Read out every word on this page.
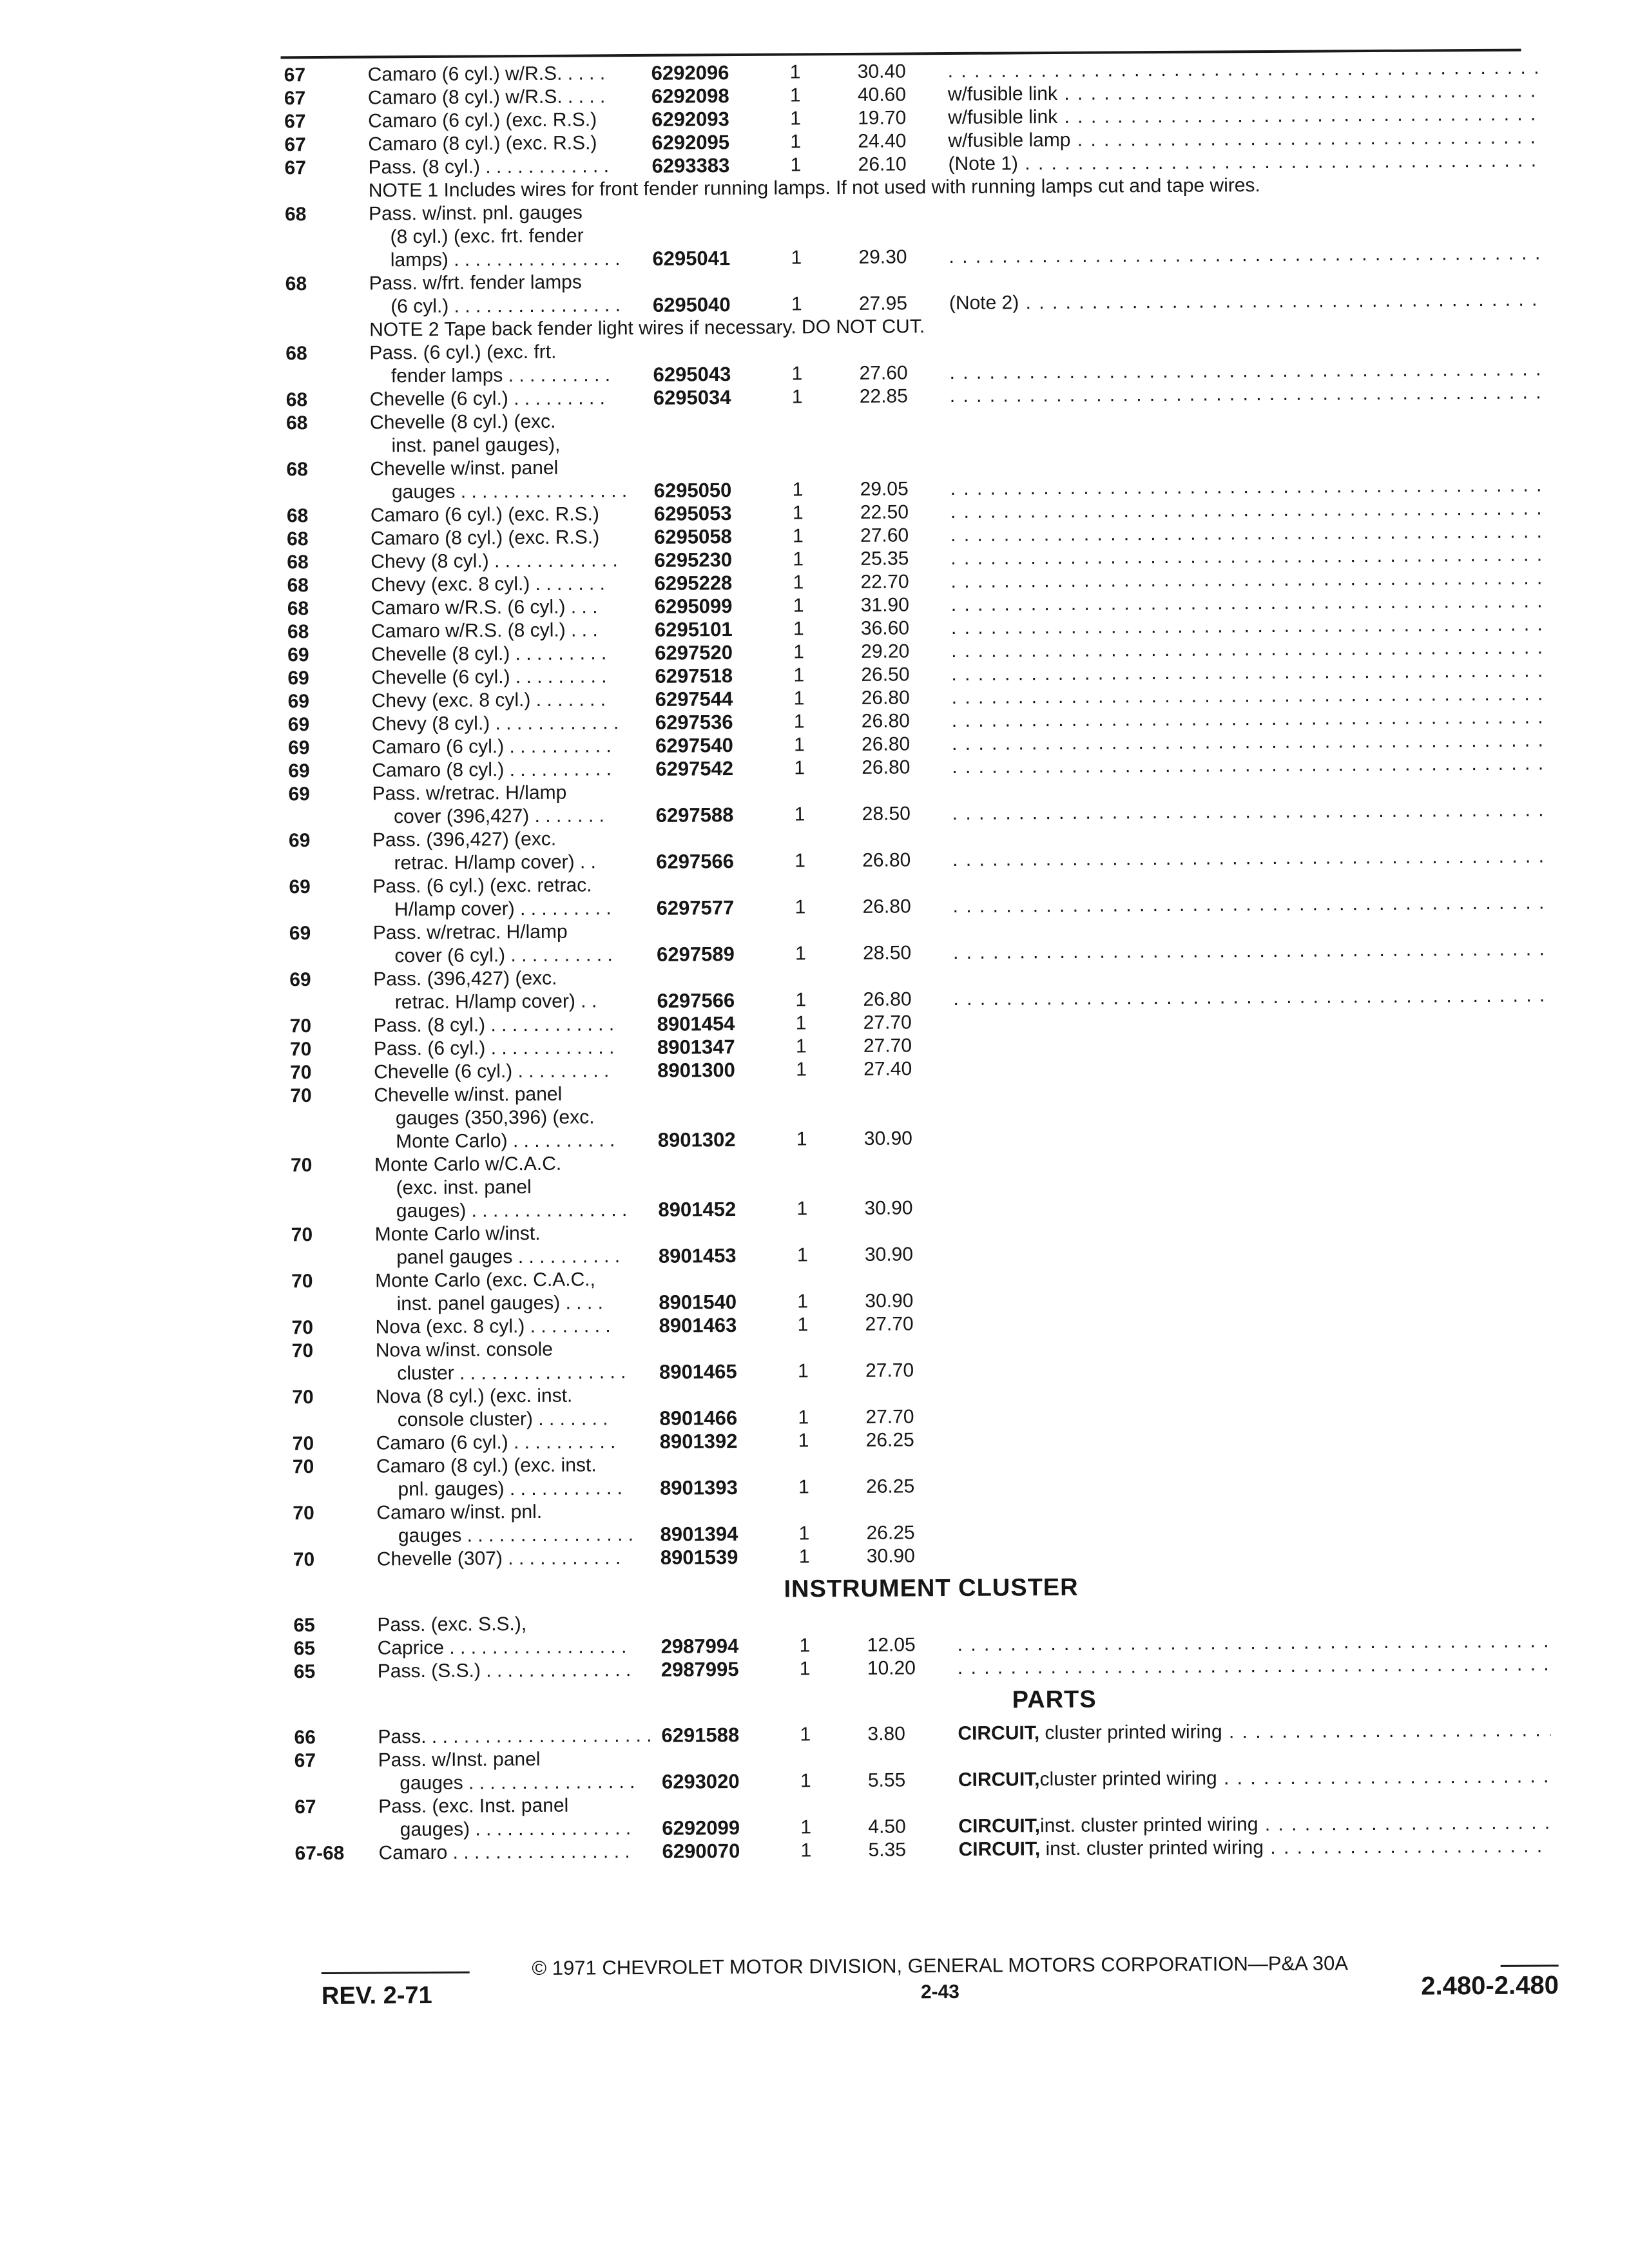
67	Camaro (6 cyl.) w/R.S. . . . .	6292096	1	30.40
. . .
67	Camaro (8 cyl.) w/R.S. . . . .	6292098	1	40.60 w/fusible link . . .
67	Camaro (6 cyl.) (exc. R.S.)	6292093	1	19.70 w/fusible link . . .
67	Camaro (8 cyl.) (exc. R.S.)	6292095	1	24.40 w/fusible lamp . . .
67	Pass. (8 cyl.) . . . . . . . . . . . .	6293383	1	26.10 (Note 1) . . .
NOTE 1 Includes wires for front fender running lamps. If not used with running lamps cut and tape wires.
68	Pass. w/inst. pnl. gauges
(8 cyl.) (exc. frt. fender
lamps) . . . . . . . . . . . . . . . .	6295041	1	29.30
. . .
68	Pass. w/frt. fender lamps
(6 cyl.) . . . . . . . . . . . . . . . .	6295040	1	27.95 (Note 2) . . .
NOTE 2 Tape back fender light wires if necessary. DO NOT CUT.
68	Pass. (6 cyl.) (exc. frt.
fender lamps . . . . . . . . . .	6295043	1	27.60
. . .
68	Chevelle (6 cyl.) . . . . . . . . .	6295034	1	22.85
. . .
68	Chevelle (8 cyl.) (exc.
inst. panel gauges),
68	Chevelle w/inst. panel
gauges . . . . . . . . . . . . . . . .	6295050	1	29.05
. . .
68	Camaro (6 cyl.) (exc. R.S.)	6295053	1	22.50
. . .
68	Camaro (8 cyl.) (exc. R.S.)	6295058	1	27.60
. . .
68	Chevy (8 cyl.) . . . . . . . . . . . .	6295230	1	25.35
. . .
68	Chevy (exc. 8 cyl.) . . . . . . .	6295228	1	22.70
. . .
68	Camaro w/R.S. (6 cyl.) . . .	6295099	1	31.90
. . .
68	Camaro w/R.S. (8 cyl.) . . .	6295101	1	36.60
. . .
69	Chevelle (8 cyl.) . . . . . . . . .	6297520	1	29.20
. . .
69	Chevelle (6 cyl.) . . . . . . . . .	6297518	1	26.50
. . .
69	Chevy (exc. 8 cyl.) . . . . . . .	6297544	1	26.80
. . .
69	Chevy (8 cyl.) . . . . . . . . . . . .	6297536	1	26.80
. . .
69	Camaro (6 cyl.) . . . . . . . . . .	6297540	1	26.80
. . .
69	Camaro (8 cyl.) . . . . . . . . . .	6297542	1	26.80
. . .
69	Pass. w/retrac. H/lamp
cover (396,427) . . . . . . .	6297588	1	28.50
. . .
69	Pass. (396,427) (exc.
retrac. H/lamp cover) . .	6297566	1	26.80
. . .
69	Pass. (6 cyl.) (exc. retrac.
H/lamp cover) . . . . . . . . .	6297577	1	26.80
. . .
69	Pass. w/retrac. H/lamp
cover (6 cyl.) . . . . . . . . . .	6297589	1	28.50
. . .
69	Pass. (396,427) (exc.
retrac. H/lamp cover) . .	6297566	1	26.80
. . .
70	Pass. (8 cyl.) . . . . . . . . . . . .	8901454	1	27.70
70	Pass. (6 cyl.) . . . . . . . . . . . .	8901347	1	27.70
70	Chevelle (6 cyl.) . . . . . . . . .	8901300	1	27.40
70	Chevelle w/inst. panel
gauges (350,396) (exc.
Monte Carlo) . . . . . . . . . .	8901302	1	30.90
70	Monte Carlo w/C.A.C.
(exc. inst. panel
gauges) . . . . . . . . . . . . . . .	8901452	1	30.90
70	Monte Carlo w/inst.
panel gauges . . . . . . . . . .	8901453	1	30.90
70	Monte Carlo (exc. C.A.C.,
inst. panel gauges) . . . .	8901540	1	30.90
70	Nova (exc. 8 cyl.) . . . . . . . .	8901463	1	27.70
70	Nova w/inst. console
cluster . . . . . . . . . . . . . . . .	8901465	1	27.70
70	Nova (8 cyl.) (exc. inst.
console cluster) . . . . . . .	8901466	1	27.70
70	Camaro (6 cyl.) . . . . . . . . . .	8901392	1	26.25
70	Camaro (8 cyl.) (exc. inst.
pnl. gauges) . . . . . . . . . . .	8901393	1	26.25
70	Camaro w/inst. pnl.
gauges . . . . . . . . . . . . . . . .	8901394	1	26.25
70	Chevelle (307) . . . . . . . . . . .	8901539	1	30.90
INSTRUMENT CLUSTER
65	Pass. (exc. S.S.),
65	Caprice . . . . . . . . . . . . . . . . .	2987994	1	12.05
. . .
65	Pass. (S.S.) . . . . . . . . . . . . . .	2987995	1	10.20
. . .
PARTS
66	Pass. . . . . . . . . . . . . . . . . . . . . . 6291588	1	3.80	CIRCUIT, cluster printed wiring . . .
67	Pass. w/Inst. panel
gauges . . . . . . . . . . . . . . . .	6293020	1	5.55	CIRCUIT,cluster printed wiring . . .
67	Pass. (exc. Inst. panel
gauges) . . . . . . . . . . . . . . .	6292099	1	4.50	CIRCUIT,inst. cluster printed wiring . . .
67-68	Camaro . . . . . . . . . . . . . . . . .	6290070	1	5.35	CIRCUIT, inst. cluster printed wiring . . .
© 1971 CHEVROLET MOTOR DIVISION, GENERAL MOTORS CORPORATION—P&A 30A
REV. 2-71	2-43	2.480-2.480
